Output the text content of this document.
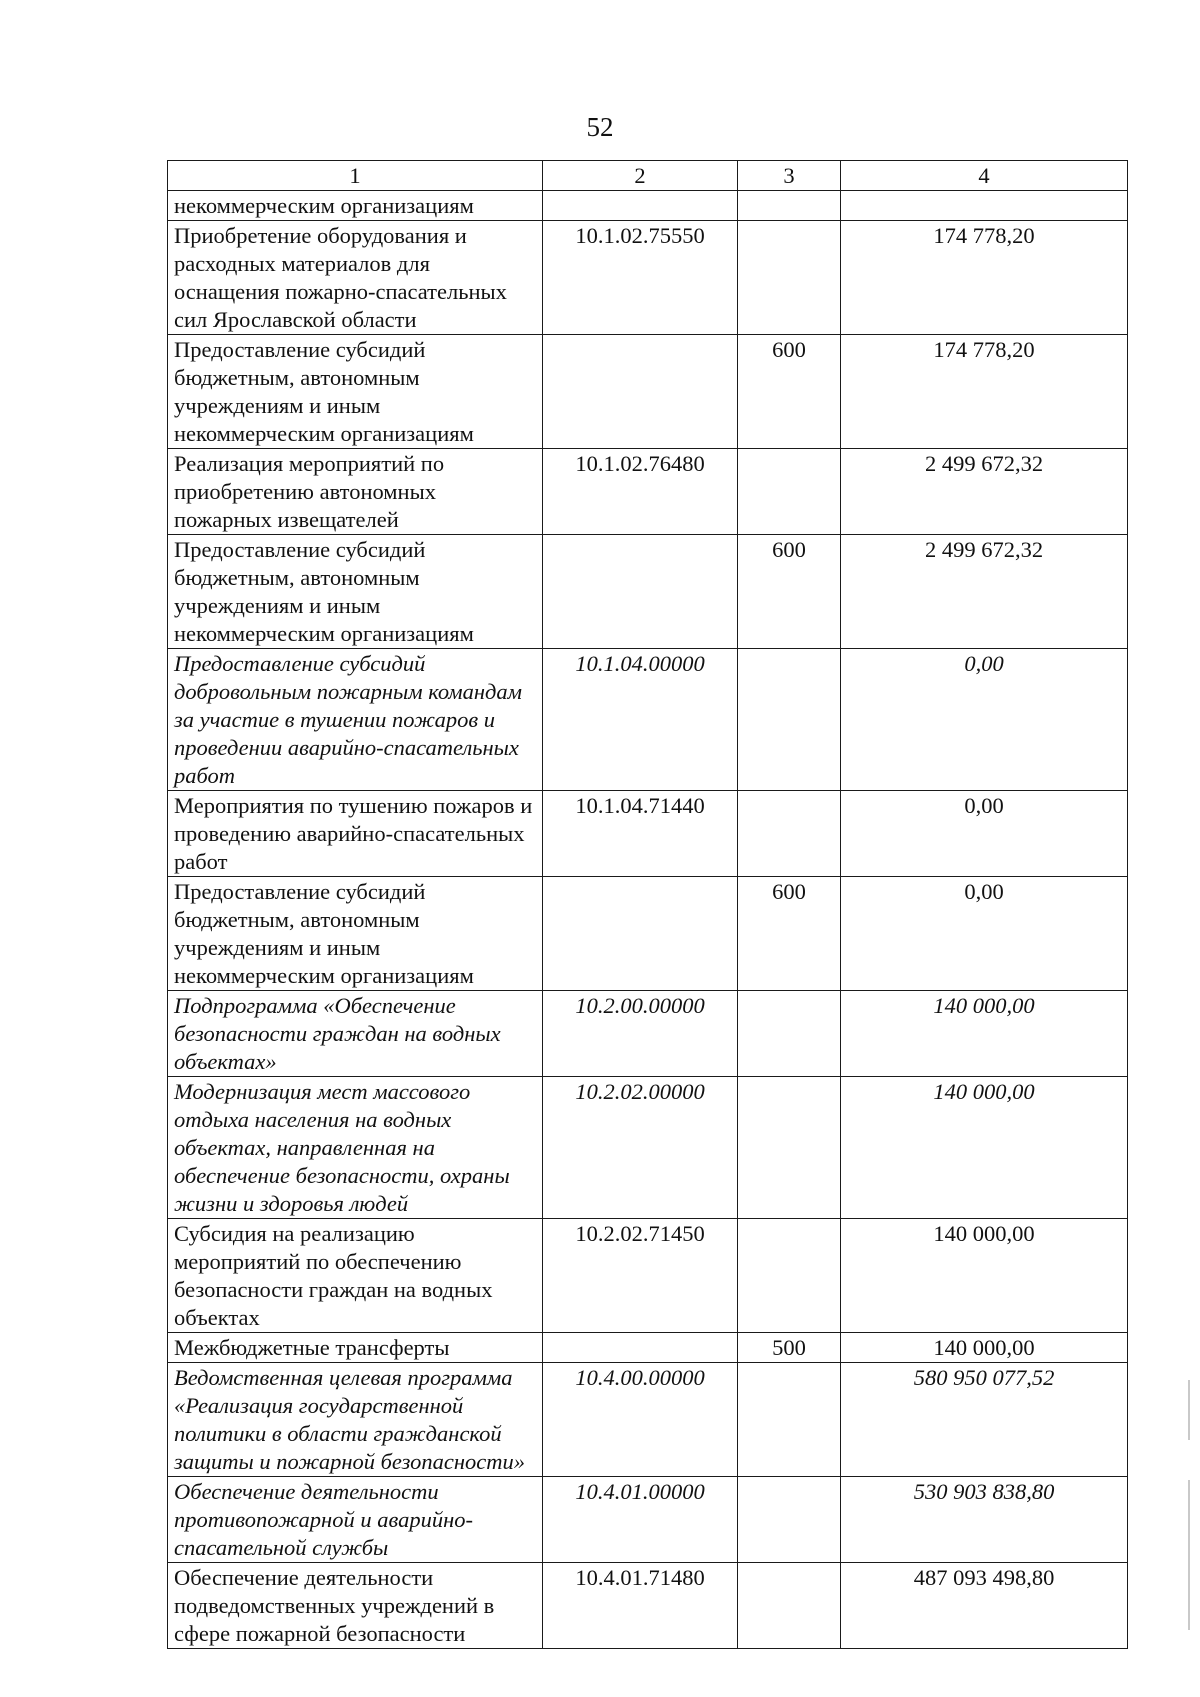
52
1	2	3	4
некоммерческим организациям			
Приобретение оборудования и расходных материалов для оснащения пожарно-спасательных сил Ярославской области	10.1.02.75550		174 778,20
Предоставление субсидий бюджетным, автономным учреждениям и иным некоммерческим организациям		600	174 778,20
Реализация мероприятий по приобретению автономных пожарных извещателей	10.1.02.76480		2 499 672,32
Предоставление субсидий бюджетным, автономным учреждениям и иным некоммерческим организациям		600	2 499 672,32
Предоставление субсидий добровольным пожарным командам за участие в тушении пожаров и проведении аварийно-спасательных работ	10.1.04.00000		0,00
Мероприятия по тушению пожаров и проведению аварийно-спасательных работ	10.1.04.71440		0,00
Предоставление субсидий бюджетным, автономным учреждениям и иным некоммерческим организациям		600	0,00
Подпрограмма «Обеспечение безопасности граждан на водных объектах»	10.2.00.00000		140 000,00
Модернизация мест массового отдыха населения на водных объектах, направленная на обеспечение безопасности, охраны жизни и здоровья людей	10.2.02.00000		140 000,00
Субсидия на реализацию мероприятий по обеспечению безопасности граждан на водных объектах	10.2.02.71450		140 000,00
Межбюджетные трансферты		500	140 000,00
Ведомственная целевая программа «Реализация государственной политики в области гражданской защиты и пожарной безопасности»	10.4.00.00000		580 950 077,52
Обеспечение деятельности противопожарной и аварийно-спасательной службы	10.4.01.00000		530 903 838,80
Обеспечение деятельности подведомственных учреждений в сфере пожарной безопасности	10.4.01.71480		487 093 498,80
